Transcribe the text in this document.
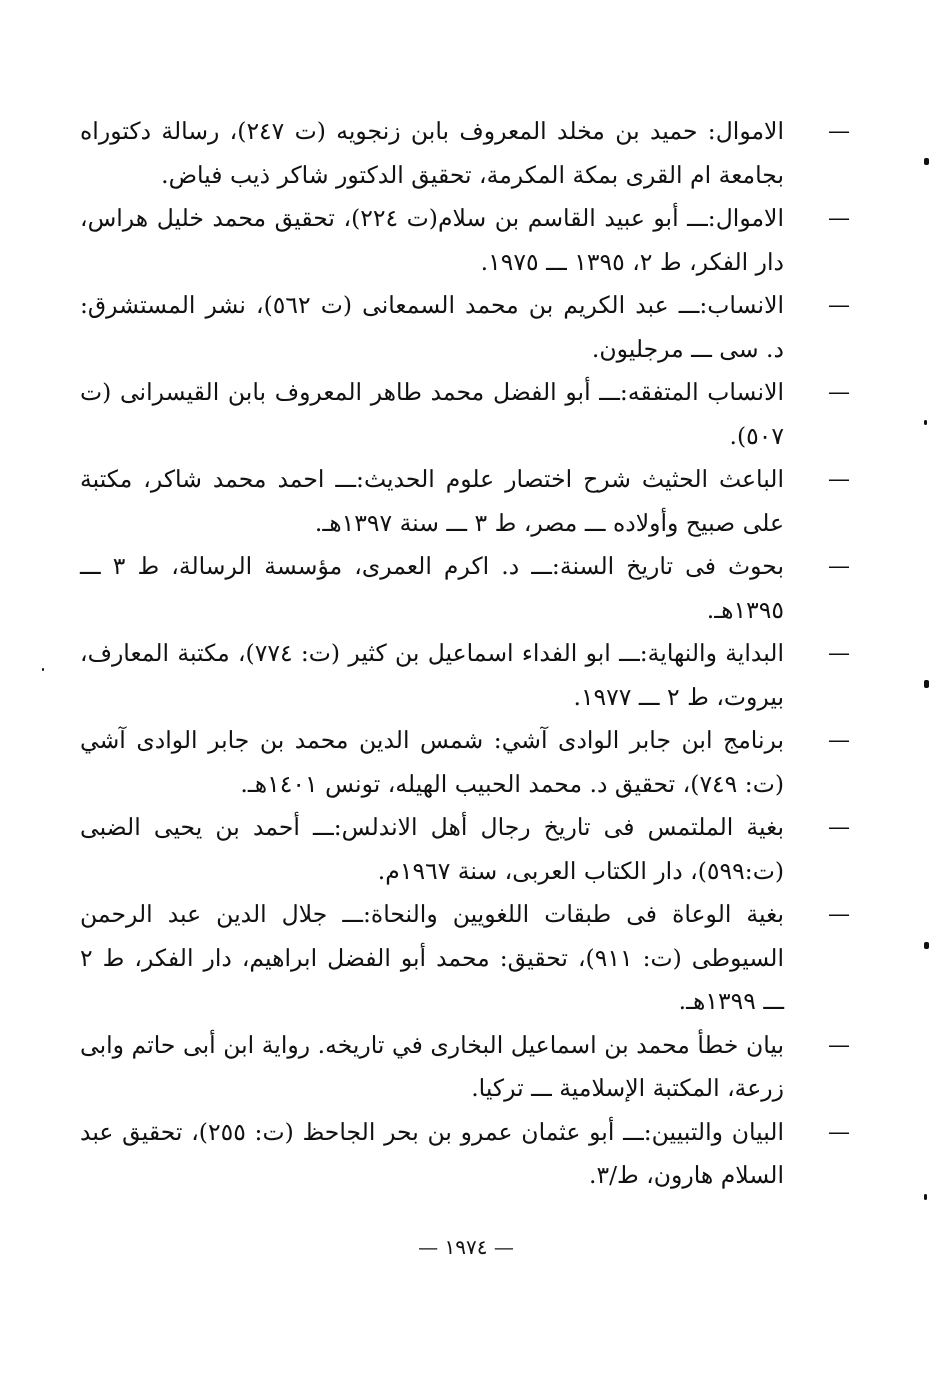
—
الاموال: حميد بن مخلد المعروف بابن زنجويه (ت ٢٤٧)، رسالة دكتوراه بجامعة ام القرى بمكة المكرمة، تحقيق الدكتور شاكر ذيب فياض.
—
الاموال:ـــ أبو عبيد القاسم بن سلام(ت ٢٢٤)، تحقيق محمد خليل هراس، دار الفكر، ط ٢، ١٣٩٥ ـــ ١٩٧٥.
—
الانساب:ـــ عبد الكريم بن محمد السمعانى (ت ٥٦٢)، نشر المستشرق: د. سى ـــ مرجليون.
—
الانساب المتفقه:ـــ أبو الفضل محمد طاهر المعروف بابن القيسرانى (ت ٥٠٧).
—
الباعث الحثيث شرح اختصار علوم الحديث:ـــ احمد محمد شاكر، مكتبة على صبيح وأولاده ـــ مصر، ط ٣ ـــ سنة ١٣٩٧هـ.
—
بحوث فى تاريخ السنة:ـــ د. اكرم العمرى، مؤسسة الرسالة، ط ٣ ـــ ١٣٩٥هـ.
—
البداية والنهاية:ـــ ابو الفداء اسماعيل بن كثير (ت: ٧٧٤)، مكتبة المعارف، بيروت، ط ٢ ـــ ١٩٧٧.
—
برنامج ابن جابر الوادى آشي: شمس الدين محمد بن جابر الوادى آشي (ت: ٧٤٩)، تحقيق د. محمد الحبيب الهيله، تونس ١٤٠١هـ.
—
بغية الملتمس فى تاريخ رجال أهل الاندلس:ـــ أحمد بن يحيى الضبى (ت:٥٩٩)، دار الكتاب العربى، سنة ١٩٦٧م.
—
بغية الوعاة فى طبقات اللغويين والنحاة:ـــ جلال الدين عبد الرحمن السيوطى (ت: ٩١١)، تحقيق: محمد أبو الفضل ابراهيم، دار الفكر، ط ٢ ـــ ١٣٩٩هـ.
—
بيان خطأ محمد بن اسماعيل البخارى في تاريخه. رواية ابن أبى حاتم وابى زرعة، المكتبة الإسلامية ـــ تركيا.
—
البيان والتبيين:ـــ أبو عثمان عمرو بن بحر الجاحظ (ت: ٢٥٥)، تحقيق عبد السلام هارون، ط/٣.
— ١٩٧٤ —
